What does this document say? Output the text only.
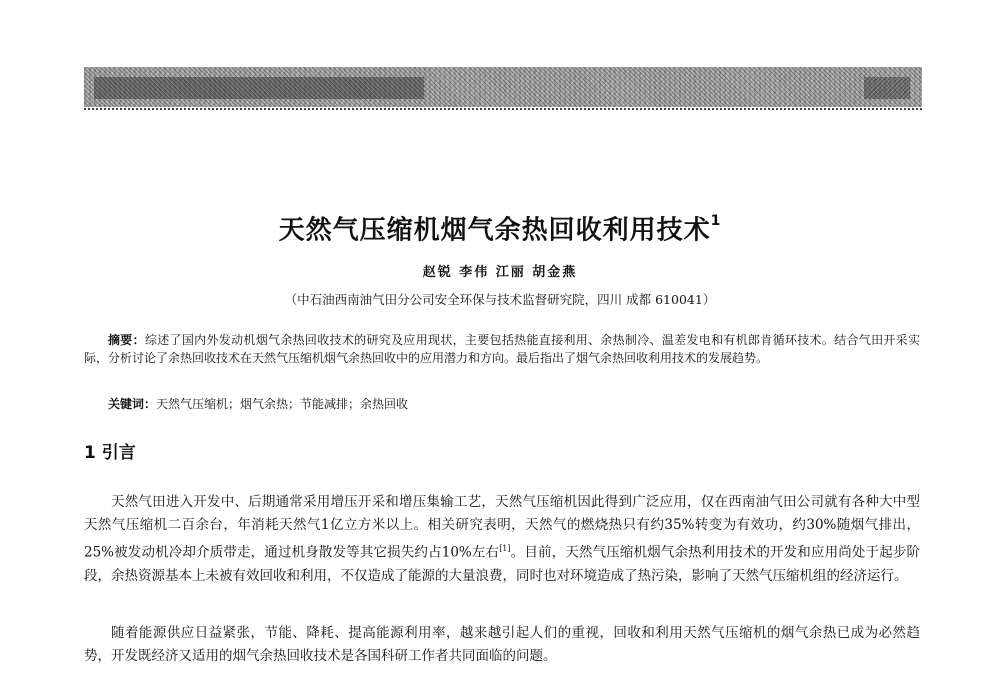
天然气压缩机烟气余热回收利用技术$^1$
赵锐 李伟 江丽 胡金燕
（中石油西南油气田分公司安全环保与技术监督研究院，四川 成都 610041）

摘要：综述了国内外发动机烟气余热回收技术的研究及应用现状，主要包括热能直接利用、余热制冷、温差发电和有机郎肯循环技术。结合气田开采实际，分析讨论了余热回收技术在天然气压缩机烟气余热回收中的应用潜力和方向。最后指出了烟气余热回收利用技术的发展趋势。

关键词：天然气压缩机；烟气余热；节能减排；余热回收

1 引言

天然气田进入开发中、后期通常采用增压开采和增压集输工艺，天然气压缩机因此得到广泛应用，仅在西南油气田公司就有各种大中型天然气压缩机二百余台，年消耗天然气1亿立方米以上。相关研究表明，天然气的燃烧热只有约35%转变为有效功，约30%随烟气排出，25%被发动机冷却介质带走，通过机身散发等其它损失约占10%左右[1]。目前，天然气压缩机烟气余热利用技术的开发和应用尚处于起步阶段，余热资源基本上未被有效回收和利用，不仅造成了能源的大量浪费，同时也对环境造成了热污染，影响了天然气压缩机组的经济运行。

随着能源供应日益紧张，节能、降耗、提高能源利用率，越来越引起人们的重视，回收和利用天然气压缩机的烟气余热已成为必然趋势，开发既经济又适用的烟气余热回收技术是各国科研工作者共同面临的问题。
